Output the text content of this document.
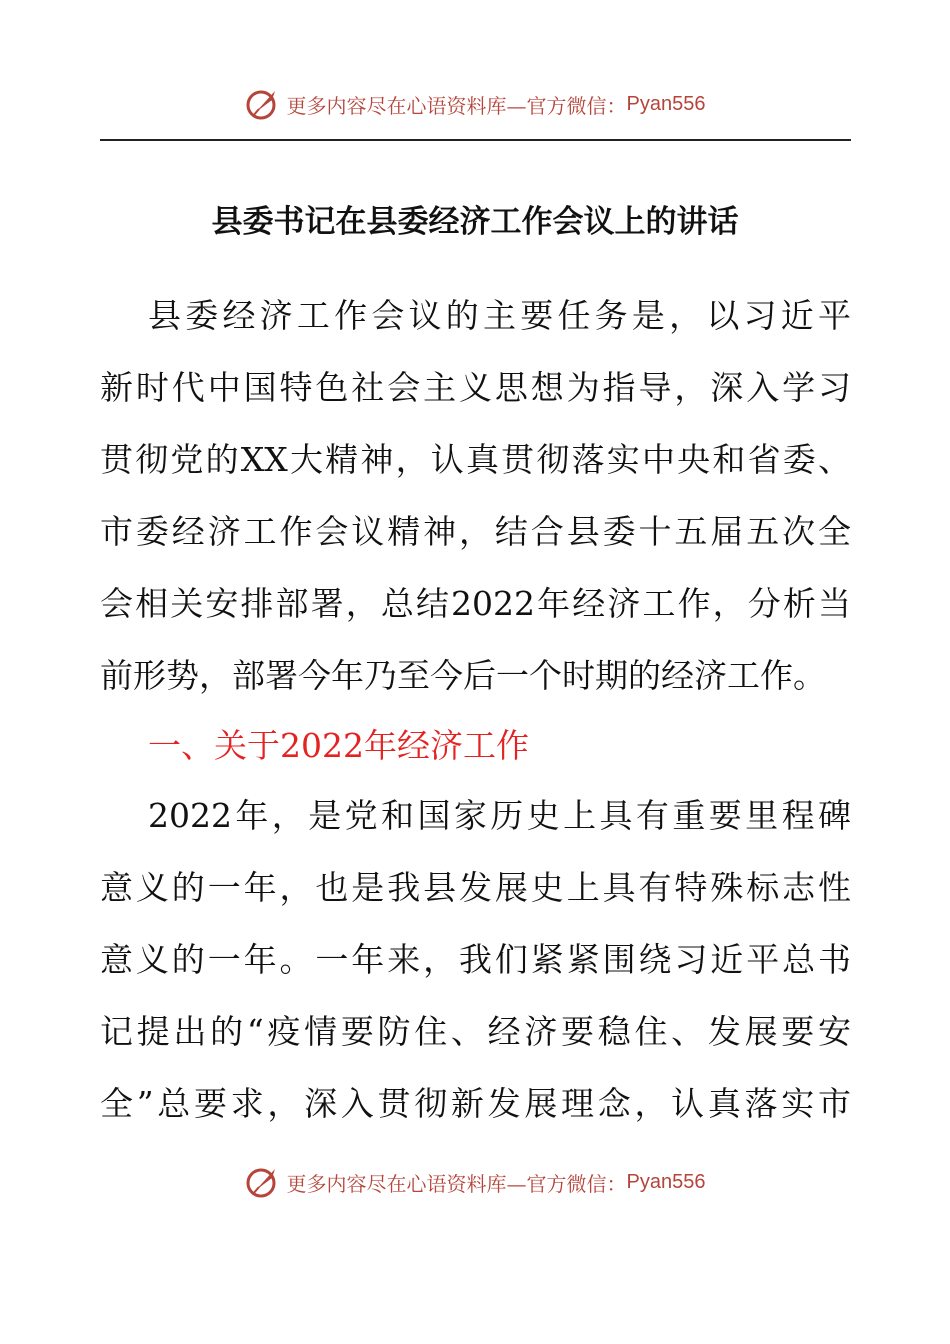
更多内容尽在心语资料库—官方微信： Pyan556
县委书记在县委经济工作会议上的讲话
县委经济工作会议的主要任务是，以习近平
新时代中国特色社会主义思想为指导，深入学习
贯彻党的XX大精神，认真贯彻落实中央和省委、
市委经济工作会议精神，结合县委十五届五次全
会相关安排部署，总结2022年经济工作，分析当
前形势，部署今年乃至今后一个时期的经济工作。
一、关于2022年经济工作
2022年，是党和国家历史上具有重要里程碑
意义的一年，也是我县发展史上具有特殊标志性
意义的一年。一年来，我们紧紧围绕习近平总书
记提出的“疫情要防住、经济要稳住、发展要安
全”总要求，深入贯彻新发展理念，认真落实市
更多内容尽在心语资料库—官方微信： Pyan556
